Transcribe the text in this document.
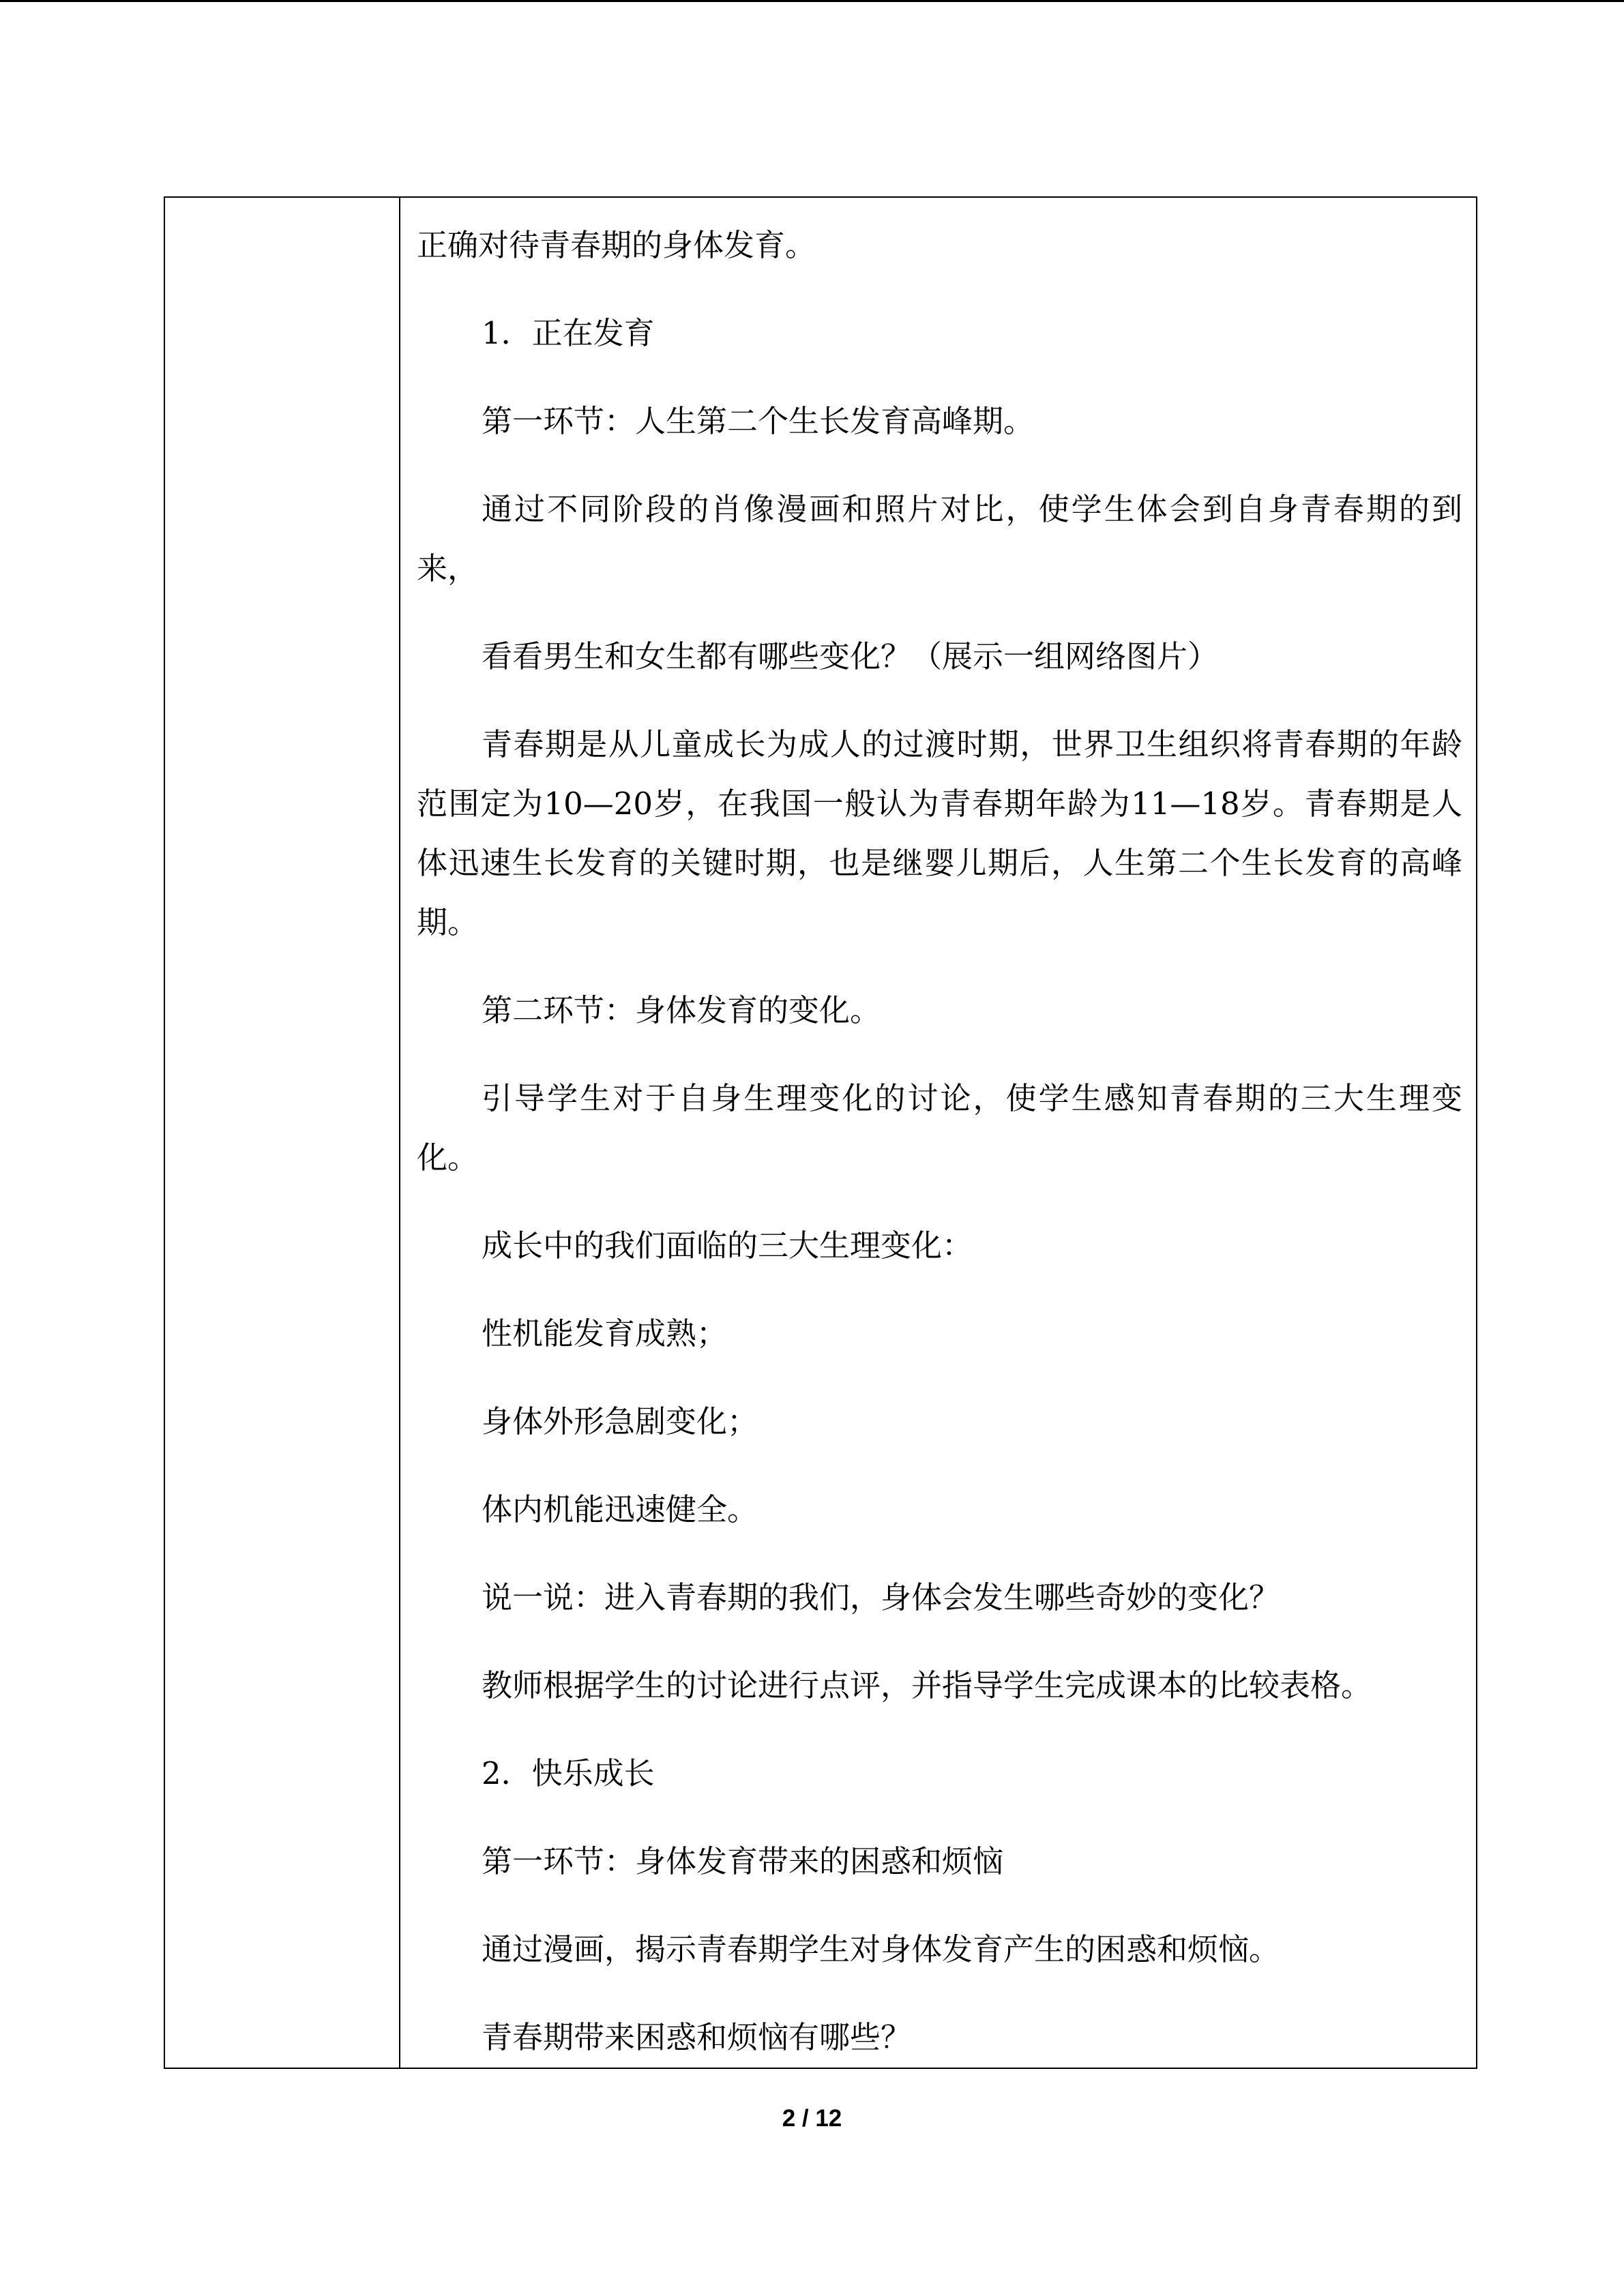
正确对待青春期的身体发育。

1．正在发育

第一环节：人生第二个生长发育高峰期。

通过不同阶段的肖像漫画和照片对比，使学生体会到自身青春期的到来，

看看男生和女生都有哪些变化？（展示一组网络图片）

青春期是从儿童成长为成人的过渡时期，世界卫生组织将青春期的年龄范围定为10—20岁，在我国一般认为青春期年龄为11—18岁。青春期是人体迅速生长发育的关键时期，也是继婴儿期后，人生第二个生长发育的高峰期。

第二环节：身体发育的变化。

引导学生对于自身生理变化的讨论，使学生感知青春期的三大生理变化。

成长中的我们面临的三大生理变化：

性机能发育成熟；

身体外形急剧变化；

体内机能迅速健全。

说一说：进入青春期的我们，身体会发生哪些奇妙的变化？

教师根据学生的讨论进行点评，并指导学生完成课本的比较表格。

2．快乐成长

第一环节：身体发育带来的困惑和烦恼

通过漫画，揭示青春期学生对身体发育产生的困惑和烦恼。

青春期带来困惑和烦恼有哪些？

2 / 12
